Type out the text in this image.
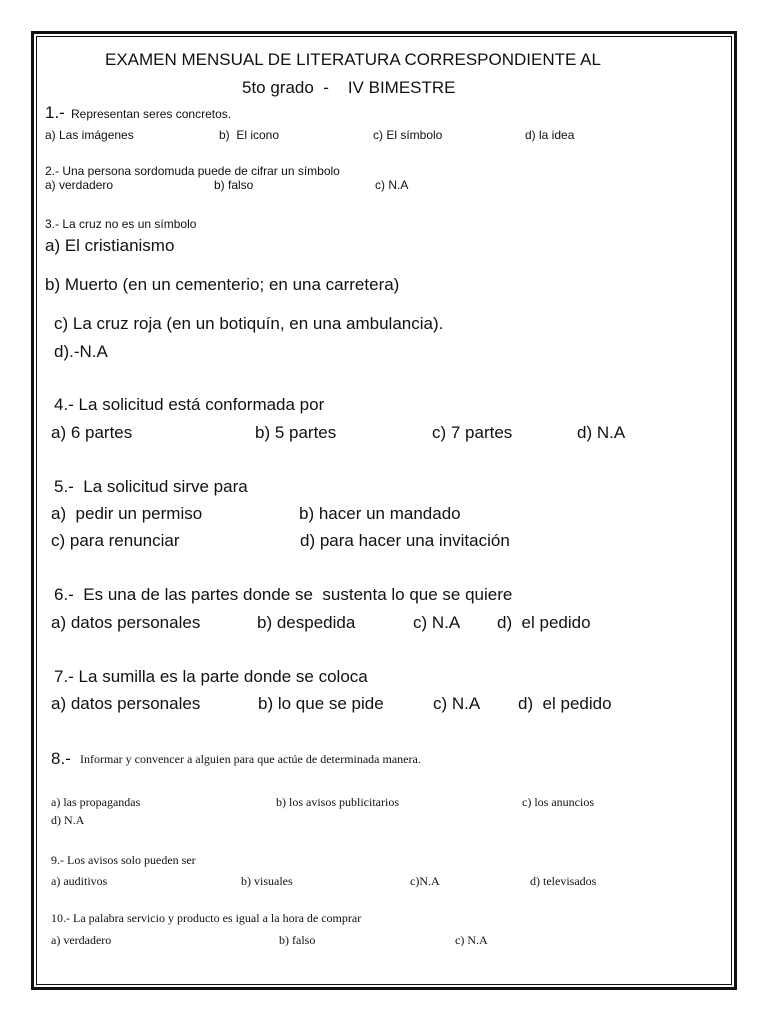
EXAMEN MENSUAL DE LITERATURA CORRESPONDIENTE AL
5to grado  -    IV BIMESTRE
1.- Representan seres concretos.
a) Las imágenes	b)  El icono	c) El símbolo	d) la idea
2.- Una persona sordomuda puede de cifrar un símbolo
a) verdadero	b) falso	c) N.A
3.- La cruz no es un símbolo
a) El cristianismo
b) Muerto (en un cementerio; en una carretera)
c) La cruz roja (en un botiquín, en una ambulancia).
d).-N.A
4.- La solicitud está conformada por
a) 6 partes	b) 5 partes	c) 7 partes	d) N.A
5.-  La solicitud sirve para
a)  pedir un permiso	b) hacer un mandado
c) para renunciar	d) para hacer una invitación
6.-  Es una de las partes donde se  sustenta lo que se quiere
a) datos personales	b) despedida	c) N.A d)  el pedido
7.- La sumilla es la parte donde se coloca
a) datos personales	b) lo que se pide	c) N.A d)  el pedido
8.- Informar y convencer a alguien para que actúe de determinada manera.
a) las propagandas	b) los avisos publicitarios	c) los anuncios
d) N.A
9.- Los avisos solo pueden ser
a) auditivos	b) visuales	c)N.A	d) televisados
10.- La palabra servicio y producto es igual a la hora de comprar
a) verdadero	b) falso	c) N.A
